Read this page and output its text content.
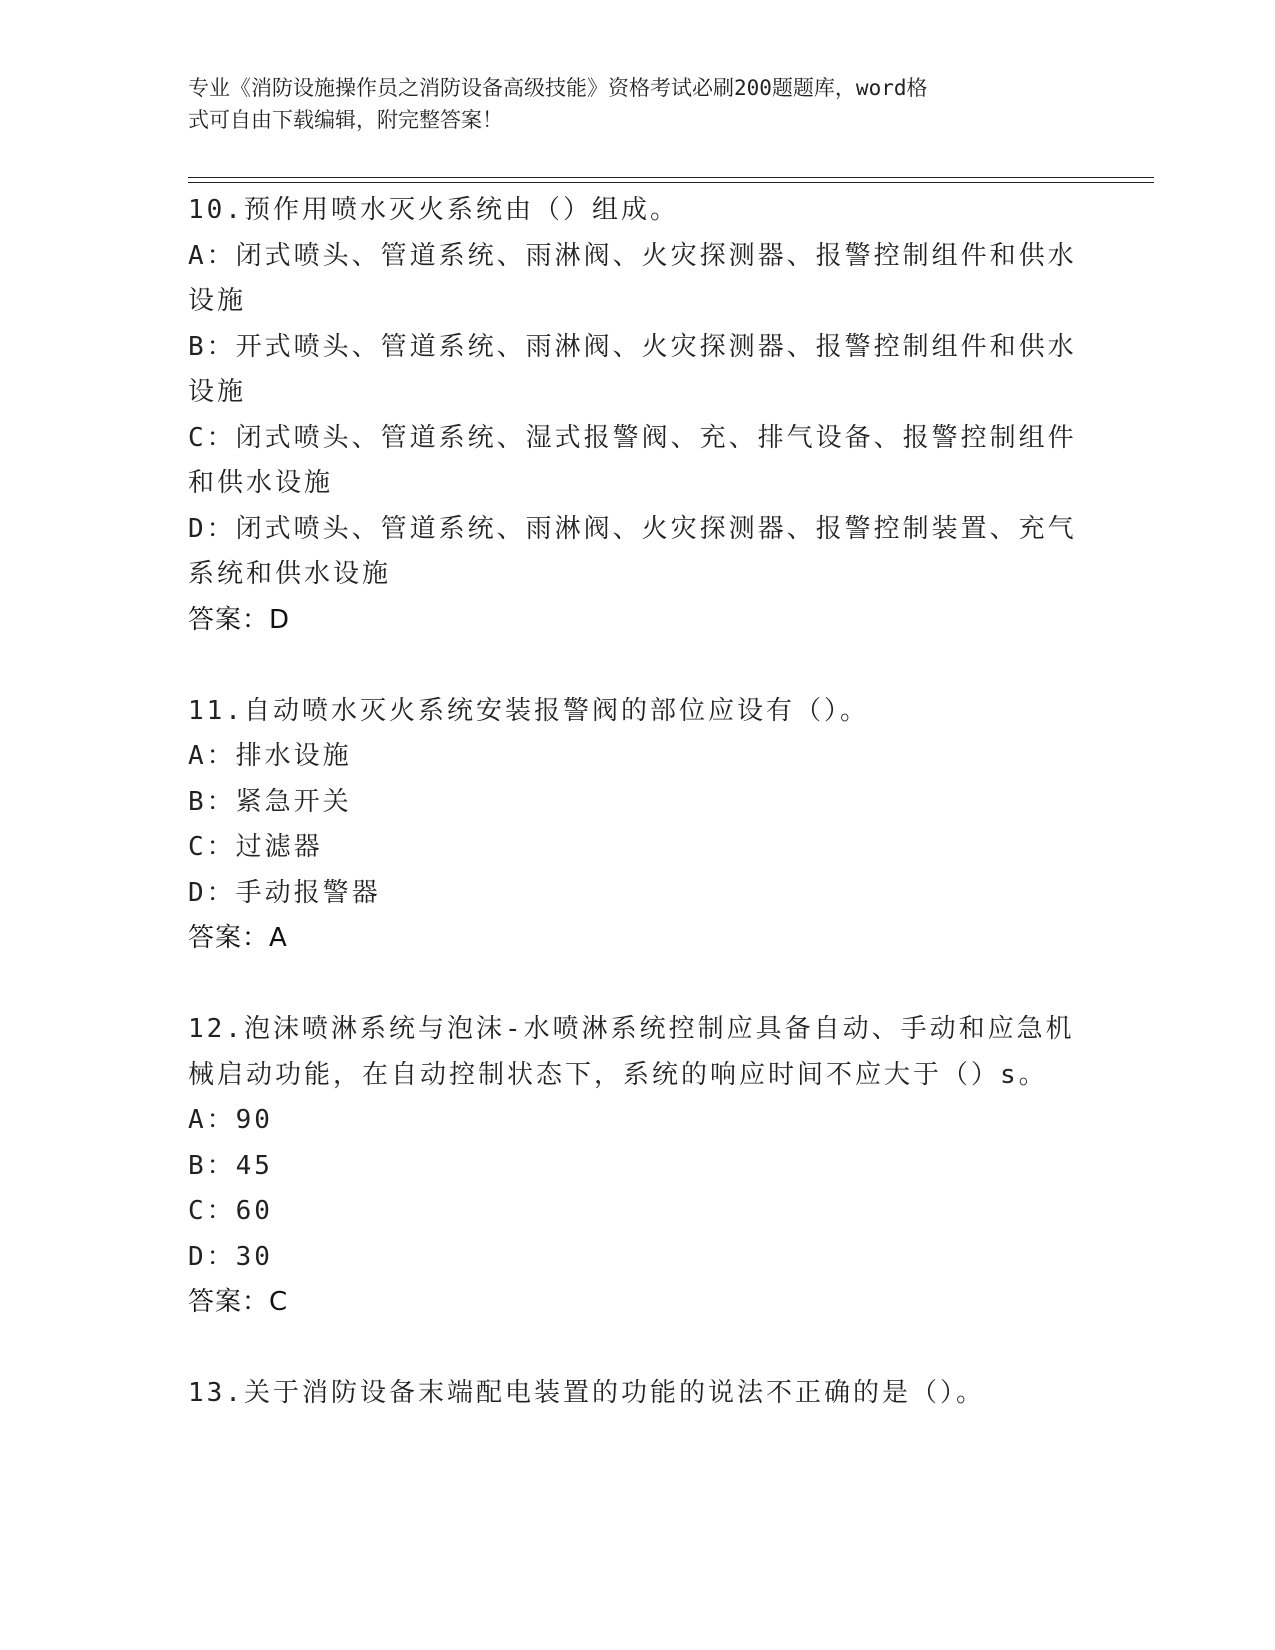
专业《消防设施操作员之消防设备高级技能》资格考试必刷200题题库，word格
式可自由下载编辑，附完整答案！
10.预作用喷水灭火系统由（）组成。
A：闭式喷头、管道系统、雨淋阀、火灾探测器、报警控制组件和供水
设施
B：开式喷头、管道系统、雨淋阀、火灾探测器、报警控制组件和供水
设施
C：闭式喷头、管道系统、湿式报警阀、充、排气设备、报警控制组件
和供水设施
D：闭式喷头、管道系统、雨淋阀、火灾探测器、报警控制装置、充气
系统和供水设施
答案：D
11.自动喷水灭火系统安装报警阀的部位应设有（）。
A：排水设施
B：紧急开关
C：过滤器
D：手动报警器
答案：A
12.泡沫喷淋系统与泡沫-水喷淋系统控制应具备自动、手动和应急机
械启动功能，在自动控制状态下，系统的响应时间不应大于（）s。
A：90
B：45
C：60
D：30
答案：C
13.关于消防设备末端配电装置的功能的说法不正确的是（）。
